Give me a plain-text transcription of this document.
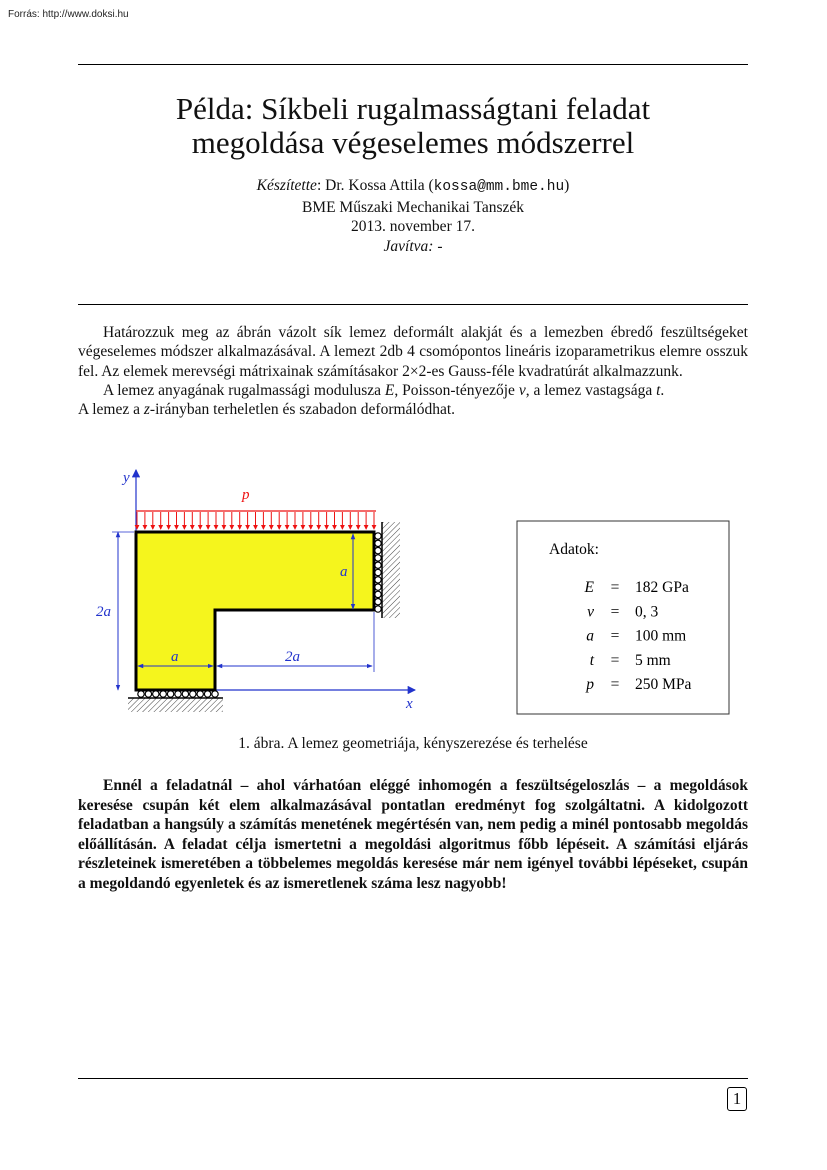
Forrás: http://www.doksi.hu
Példa: Síkbeli rugalmasságtani feladat
megoldása végeselemes módszerrel
Készítette: Dr. Kossa Attila (kossa@mm.bme.hu)
BME Műszaki Mechanikai Tanszék
2013. november 17.
Javítva: -

Határozzuk meg az ábrán vázolt sík lemez deformált alakját és a lemezben ébredő feszültségeket végeselemes módszer alkalmazásával. A lemezt 2db 4 csomópontos lineáris izoparametrikus elemre osszuk fel. Az elemek merevségi mátrixainak számításakor 2×2-es Gauss-féle kvadratúrát alkalmazzunk.

A lemez anyagának rugalmassági modulusza E, Poisson-tényezője ν, a lemez vastagsága t.

A lemez a z-irányban terheletlen és szabadon deformálódhat.
y
x
p
2a
a
a	2a
Adatok:
E = 182 GPa
ν = 0, 3
a = 100 mm
t = 5 mm
p = 250 MPa
1. ábra. A lemez geometriája, kényszerezése és terhelése

Ennél a feladatnál – ahol várhatóan eléggé inhomogén a feszültségeloszlás – a megoldások keresése csupán két elem alkalmazásával pontatlan eredményt fog szolgáltatni. A kidolgozott feladatban a hangsúly a számítás menetének megértésén van, nem pedig a minél pontosabb megoldás előállításán. A feladat célja ismertetni a megoldási algoritmus főbb lépéseit. A számítási eljárás részleteinek ismeretében a többelemes megoldás keresése már nem igényel további lépéseket, csupán a megoldandó egyenletek és az ismeretlenek száma lesz nagyobb!

1
